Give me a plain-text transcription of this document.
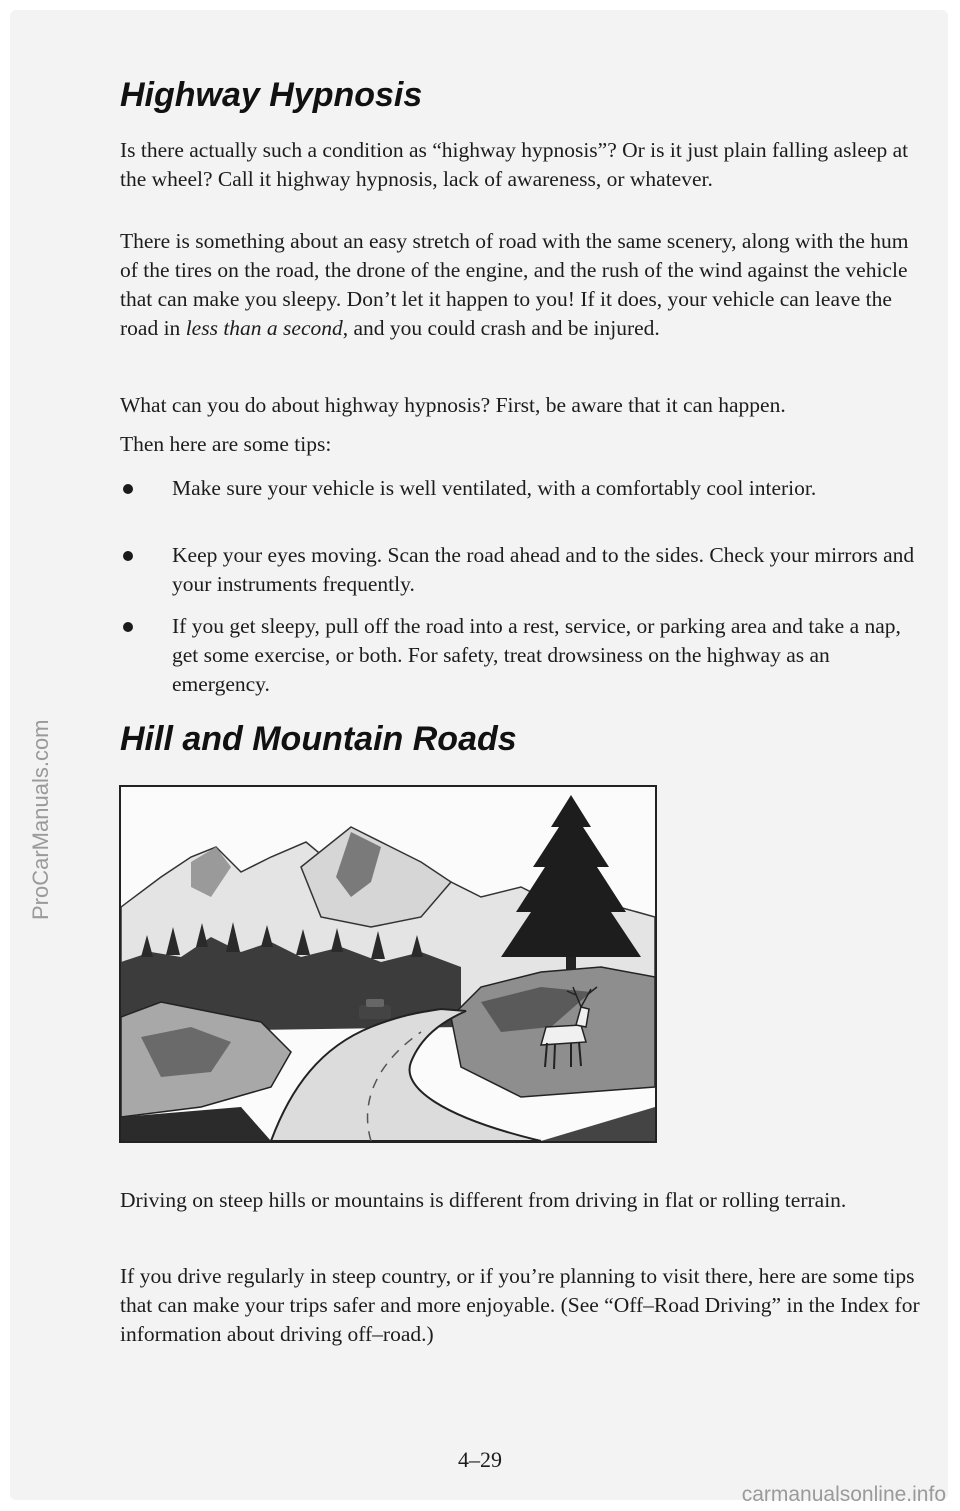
ProCarManuals.com
Highway Hypnosis

Is there actually such a condition as “highway hypnosis”? Or is it just plain falling asleep at the wheel? Call it highway hypnosis, lack of awareness, or whatever.

There is something about an easy stretch of road with the same scenery, along with the hum of the tires on the road, the drone of the engine, and the rush of the wind against the vehicle that can make you sleepy. Don’t let it happen to you! If it does, your vehicle can leave the road in less than a second, and you could crash and be injured.

What can you do about highway hypnosis? First, be aware that it can happen.

Then here are some tips:

Make sure your vehicle is well ventilated, with a comfortably cool interior.
Keep your eyes moving. Scan the road ahead and to the sides. Check your mirrors and your instruments frequently.
If you get sleepy, pull off the road into a rest, service, or parking area and take a nap, get some exercise, or both. For safety, treat drowsiness on the highway as an emergency.
Hill and Mountain Roads

Driving on steep hills or mountains is different from driving in flat or rolling terrain.

If you drive regularly in steep country, or if you’re planning to visit there, here are some tips that can make your trips safer and more enjoyable. (See “Off–Road Driving” in the Index for information about driving off–road.)

4–29
carmanualsonline.info
